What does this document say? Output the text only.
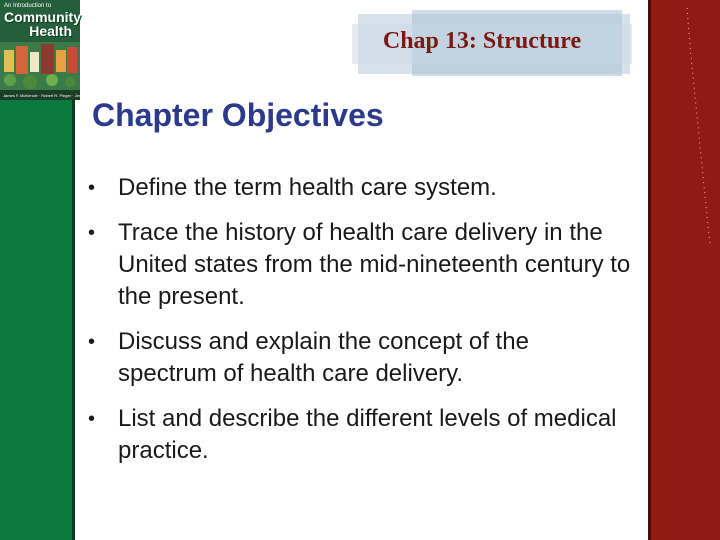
An Introduction to
Community
Health
James F. McKenzie · Robert R. Pinger · Jerome E. Kotecki
Chap 13: Structure
Chapter Objectives
• Define the term health care system.
• Trace the history of health care delivery in the United states from the mid-nineteenth century to the present.
• Discuss and explain the concept of the spectrum of health care delivery.
• List and describe the different levels of medical practice.
